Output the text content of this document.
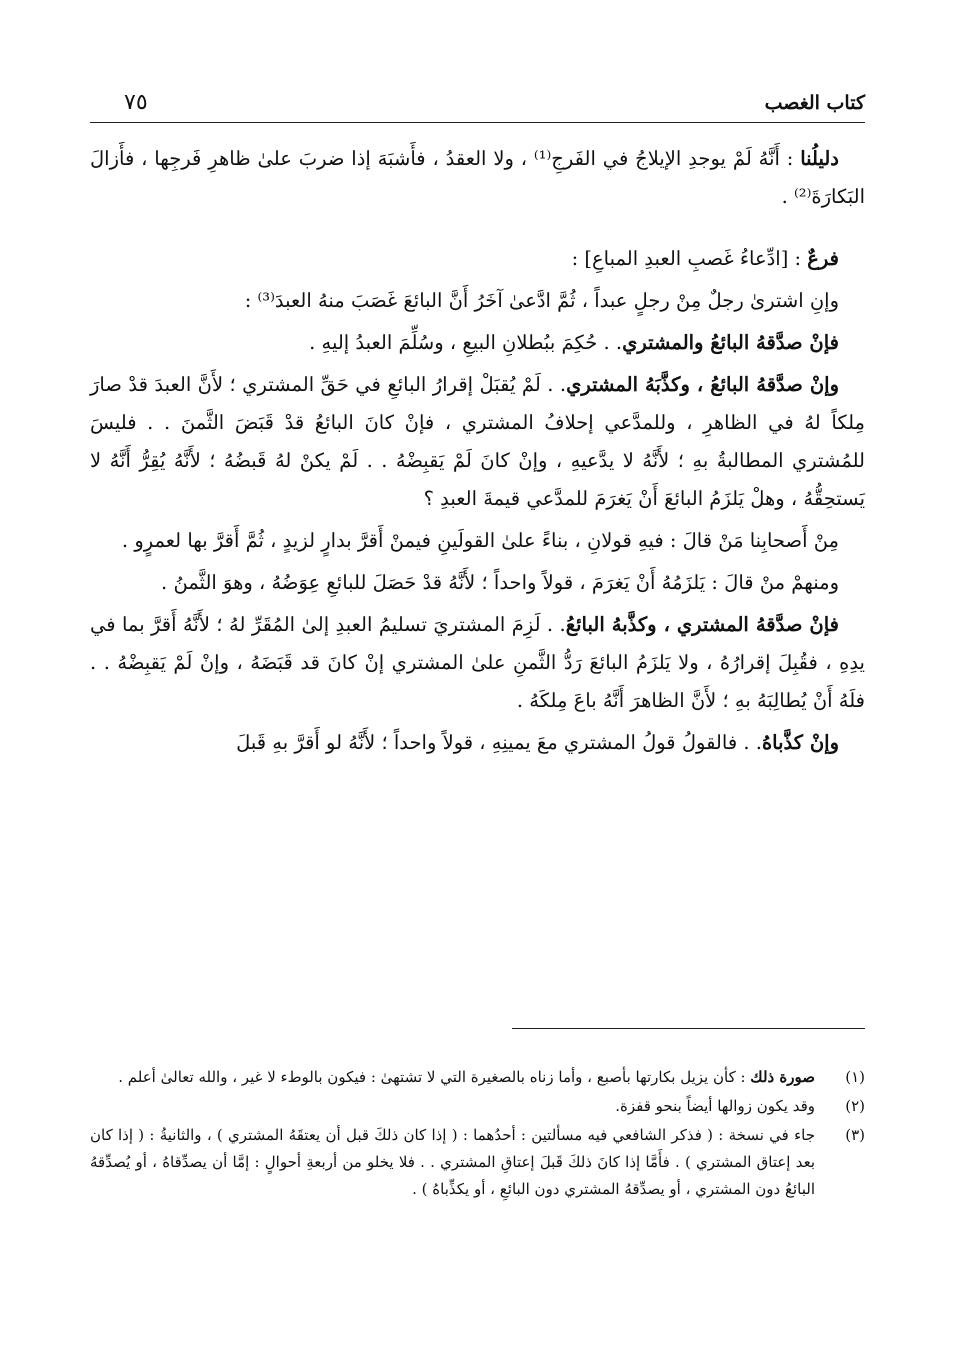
كتاب الغصب
٧٥

دليلُنا : أَنَّهُ لَمْ يوجدِ الإيلاجُ في الفَرجِ⁽¹⁾ ، ولا العقدُ ، فأَشبَهَ إذا ضربَ علىٰ ظاهرِ فَرجِها ، فأَزالَ البَكارَةَ⁽²⁾ .

فرعٌ : [ادِّعاءُ غَصبِ العبدِ المباعِ] :

وإنِ اشترىٰ رجلٌ مِنْ رجلٍ عبداً ، ثُمَّ ادَّعىٰ آخَرُ أَنَّ البائعَ غَصَبَ منهُ العبدَ⁽³⁾ :

فإنْ صدَّقهُ البائعُ والمشتري. . حُكِمَ ببُطلانِ البيعِ ، وسُلِّمَ العبدُ إليهِ .

وإنْ صدَّقهُ البائعُ ، وكذَّبَهُ المشتري. . لَمْ يُقبَلْ إقرارُ البائعِ في حَقِّ المشتري ؛ لأَنَّ العبدَ قدْ صارَ مِلكاً لهُ في الظاهرِ ، وللمدَّعي إحلافُ المشتري ، فإنْ كانَ البائعُ قدْ قَبَضَ الثَّمنَ . . فليسَ للمُشتري المطالبةُ بهِ ؛ لأَنَّهُ لا يدَّعيهِ ، وإنْ كانَ لَمْ يَقبِضْهُ . . لَمْ يكنْ لهُ قَبضُهُ ؛ لأَنَّهُ يُقِرُّ أَنَّهُ لا يَستحِقُّهُ ، وهلْ يَلزَمُ البائعَ أَنْ يَغرَمَ للمدَّعي قيمةَ العبدِ ؟

مِنْ أَصحابِنا مَنْ قالَ : فيهِ قولانِ ، بناءً علىٰ القولَينِ فيمنْ أَقرَّ بدارٍ لزيدٍ ، ثُمَّ أَقرَّ بها لعمرٍو .

ومنهمْ منْ قالَ : يَلزَمُهُ أَنْ يَغرَمَ ، قولاً واحداً ؛ لأَنَّهُ قدْ حَصَلَ للبائعِ عِوَضُهُ ، وهوَ الثَّمنُ .

فإنْ صدَّقهُ المشتري ، وكذَّبهُ البائعُ. . لَزِمَ المشتريَ تسليمُ العبدِ إلىٰ المُقَرِّ لهُ ؛ لأَنَّهُ أَقرَّ بما في يدِهِ ، فقُبِلَ إقرارُهُ ، ولا يَلزَمُ البائعَ رَدُّ الثَّمنِ علىٰ المشتري إنْ كانَ قد قَبَضَهُ ، وإنْ لَمْ يَقبِضْهُ . . فلَهُ أَنْ يُطالِبَهُ بهِ ؛ لأَنَّ الظاهرَ أَنَّهُ باعَ مِلكَهُ .

وإنْ كذَّباهُ. . فالقولُ قولُ المشتري معَ يمينِهِ ، قولاً واحداً ؛ لأَنَّهُ لو أَقرَّ بهِ قَبلَ

(١)
صورة ذلك : كأن يزيل بكارتها بأصبع ، وأما زناه بالصغيرة التي لا تشتهىٰ : فيكون بالوطء لا غير ، والله تعالىٰ أعلم .
(٢)
وقد يكون زوالها أيضاً بنحو قفزة.
(٣)
جاء في نسخة : ( فذكر الشافعي فيه مسألتين : أحدُهما : ( إذا كان ذلكَ قبل أن يعتقَهُ المشتري ) ، والثانيةُ : ( إذا كان بعد إعتاق المشتري ) . فأَمَّا إذا كانَ ذلكَ قَبلَ إعتاقِ المشتري . . فلا يخلو من أربعةِ أحوالٍ : إمَّا أن يصدِّقاهُ ، أو يُصدِّقهُ البائعُ دون المشتري ، أو يصدِّقهُ المشتري دون البائعِ ، أو يكذِّباهُ ) .
